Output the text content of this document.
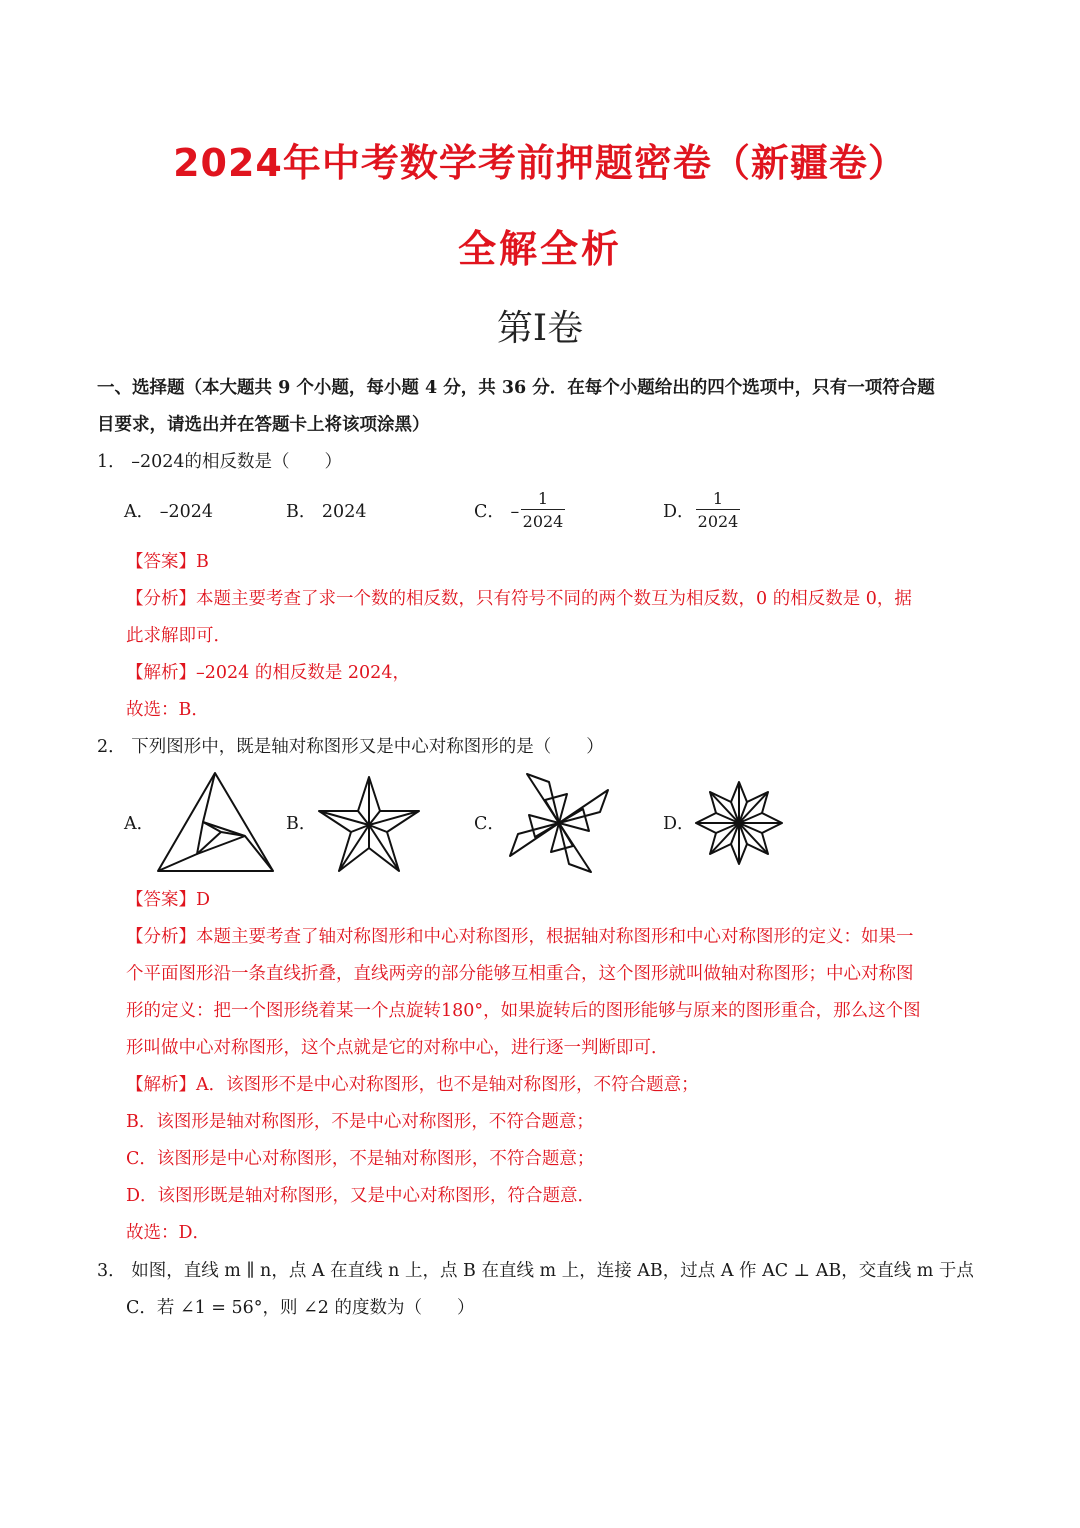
2024年中考数学考前押题密卷（新疆卷）
全解全析
第I卷
一、选择题（本大题共 9 个小题，每小题 4 分，共 36 分．在每个小题给出的四个选项中，只有一项符合题
目要求，请选出并在答题卡上将该项涂黑）
1． –2024的相反数是（　　）
A． –2024	B． 2024	C． –
1
2024	D．
1
2024
【答案】B
【分析】本题主要考查了求一个数的相反数，只有符号不同的两个数互为相反数，0 的相反数是 0，据
此求解即可．
【解析】–2024 的相反数是 2024，
故选：B．
2． 下列图形中，既是轴对称图形又是中心对称图形的是（　　）
A．	B．	C．	D．
【答案】D
【分析】本题主要考查了轴对称图形和中心对称图形，根据轴对称图形和中心对称图形的定义：如果一
个平面图形沿一条直线折叠，直线两旁的部分能够互相重合，这个图形就叫做轴对称图形；中心对称图
形的定义：把一个图形绕着某一个点旋转180°，如果旋转后的图形能够与原来的图形重合，那么这个图
形叫做中心对称图形，这个点就是它的对称中心，进行逐一判断即可．
【解析】A．该图形不是中心对称图形，也不是轴对称图形，不符合题意；
B．该图形是轴对称图形，不是中心对称图形，不符合题意；
C．该图形是中心对称图形，不是轴对称图形，不符合题意；
D．该图形既是轴对称图形，又是中心对称图形，符合题意．
故选：D．
3． 如图，直线 m ∥ n，点 A 在直线 n 上，点 B 在直线 m 上，连接 AB，过点 A 作 AC ⊥ AB，交直线 m 于点
C．若 ∠1 = 56°，则 ∠2 的度数为（　　）
